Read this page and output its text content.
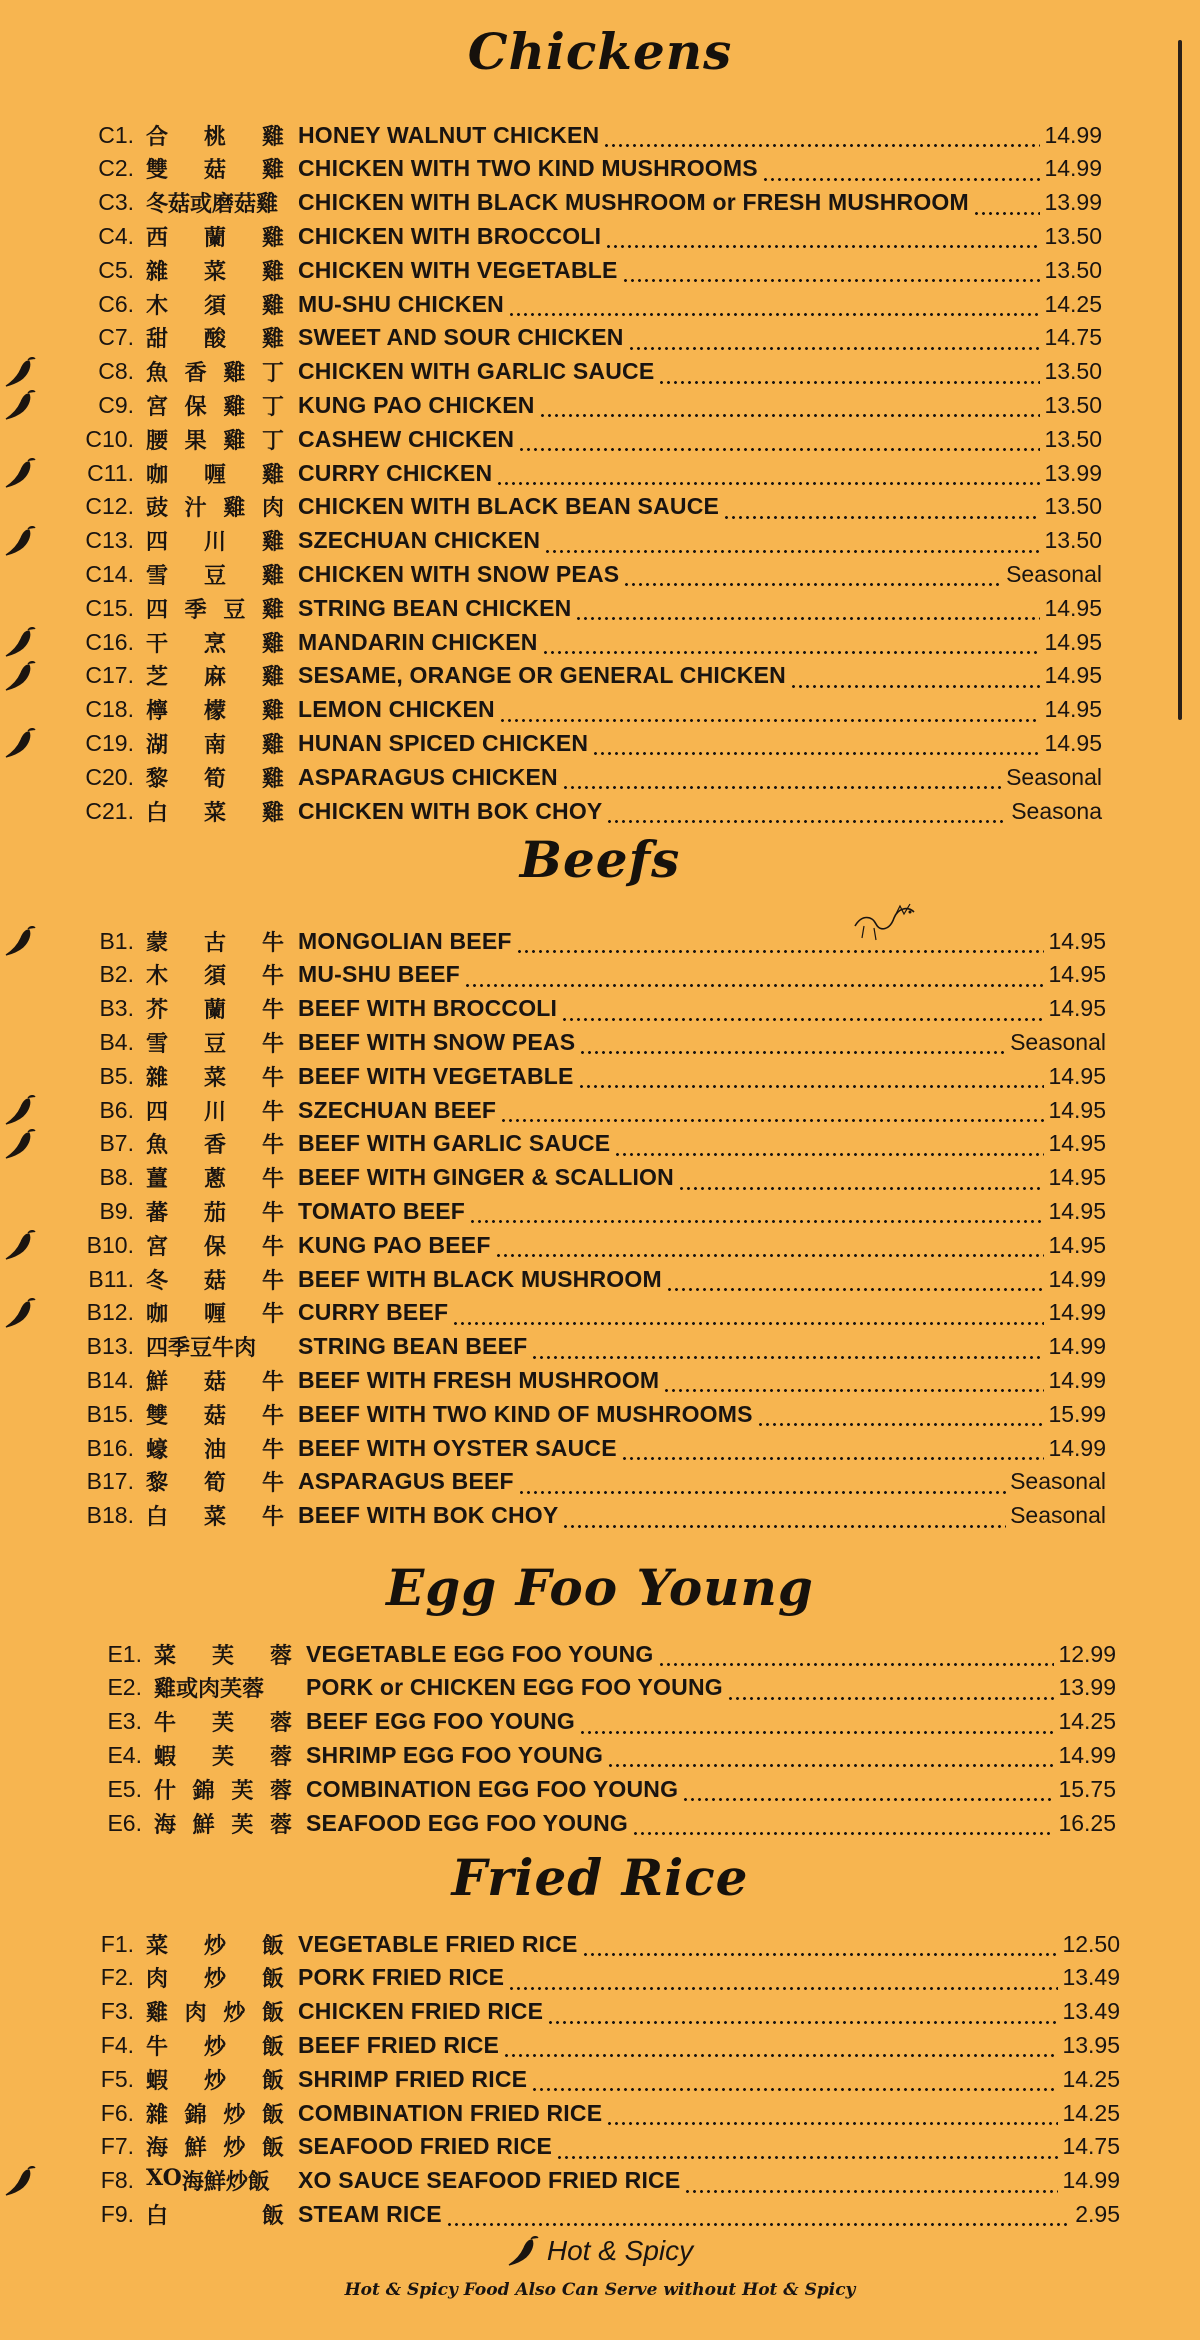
Chickens
C1. 合 桃 雞 HONEY WALNUT CHICKEN	14.99
C2. 雙 菇 雞 CHICKEN WITH TWO KIND MUSHROOMS	14.99
C3. 冬 菇 或 磨 菇 雞 CHICKEN WITH BLACK MUSHROOM or FRESH MUSHROOM	13.99
C4. 西 蘭 雞 CHICKEN WITH BROCCOLI	13.50
C5. 雜 菜 雞 CHICKEN WITH VEGETABLE	13.50
C6. 木 須 雞 MU-SHU CHICKEN	14.25
C7. 甜 酸 雞 SWEET AND SOUR CHICKEN	14.75
C8. 魚 香 雞 丁 CHICKEN WITH GARLIC SAUCE	13.50
C9. 宮 保 雞 丁 KUNG PAO CHICKEN	13.50
C10. 腰 果 雞 丁 CASHEW CHICKEN	13.50
C11. 咖 喱 雞 CURRY CHICKEN	13.99
C12. 豉 汁 雞 肉 CHICKEN WITH BLACK BEAN SAUCE	13.50
C13. 四 川 雞 SZECHUAN CHICKEN	13.50
C14. 雪 豆 雞 CHICKEN WITH SNOW PEAS	Seasonal
C15. 四 季 豆 雞 STRING BEAN CHICKEN	14.95
C16. 干 烹 雞 MANDARIN CHICKEN	14.95
C17. 芝 麻 雞 SESAME, ORANGE OR GENERAL CHICKEN	14.95
C18. 檸 檬 雞 LEMON CHICKEN	14.95
C19. 湖 南 雞 HUNAN SPICED CHICKEN	14.95
C20. 黎 筍 雞 ASPARAGUS CHICKEN	Seasonal
C21. 白 菜 雞 CHICKEN WITH BOK CHOY	Seasona
Beefs
B1. 蒙 古 牛 MONGOLIAN BEEF	14.95
B2. 木 須 牛 MU-SHU BEEF	14.95
B3. 芥 蘭 牛 BEEF WITH BROCCOLI	14.95
B4. 雪 豆 牛 BEEF WITH SNOW PEAS	Seasonal
B5. 雜 菜 牛 BEEF WITH VEGETABLE	14.95
B6. 四 川 牛 SZECHUAN BEEF	14.95
B7. 魚 香 牛 BEEF WITH GARLIC SAUCE	14.95
B8. 薑 蔥 牛 BEEF WITH GINGER & SCALLION	14.95
B9. 蕃 茄 牛 TOMATO BEEF	14.95
B10. 宮 保 牛 KUNG PAO BEEF	14.95
B11. 冬 菇 牛 BEEF WITH BLACK MUSHROOM	14.99
B12. 咖 喱 牛 CURRY BEEF	14.99
B13. 四 季 豆 牛 肉 STRING BEAN BEEF	14.99
B14. 鮮 菇 牛 BEEF WITH FRESH MUSHROOM	14.99
B15. 雙 菇 牛 BEEF WITH TWO KIND OF MUSHROOMS	15.99
B16. 蠔 油 牛 BEEF WITH OYSTER SAUCE	14.99
B17. 黎 筍 牛 ASPARAGUS BEEF	Seasonal
B18. 白 菜 牛 BEEF WITH BOK CHOY	Seasonal
Egg Foo Young
E1. 菜 芙 蓉 VEGETABLE EGG FOO YOUNG	12.99
E2. 雞 或 肉 芙 蓉 PORK or CHICKEN EGG FOO YOUNG	13.99
E3. 牛 芙 蓉 BEEF EGG FOO YOUNG	14.25
E4. 蝦 芙 蓉 SHRIMP EGG FOO YOUNG	14.99
E5. 什 錦 芙 蓉 COMBINATION EGG FOO YOUNG	15.75
E6. 海 鮮 芙 蓉 SEAFOOD EGG FOO YOUNG	16.25
Fried Rice
F1. 菜 炒 飯 VEGETABLE FRIED RICE	12.50
F2. 肉 炒 飯 PORK FRIED RICE	13.49
F3. 雞 肉 炒 飯 CHICKEN FRIED RICE	13.49
F4. 牛 炒 飯 BEEF FRIED RICE	13.95
F5. 蝦 炒 飯 SHRIMP FRIED RICE	14.25
F6. 雜 錦 炒 飯 COMBINATION FRIED RICE	14.25
F7. 海 鮮 炒 飯 SEAFOOD FRIED RICE	14.75
F8. XO 海 鮮 炒 飯 XO SAUCE SEAFOOD FRIED RICE	14.99
F9. 白	飯 STEAM RICE	2.95
Hot & Spicy
Hot & Spicy Food Also Can Serve without Hot & Spicy
